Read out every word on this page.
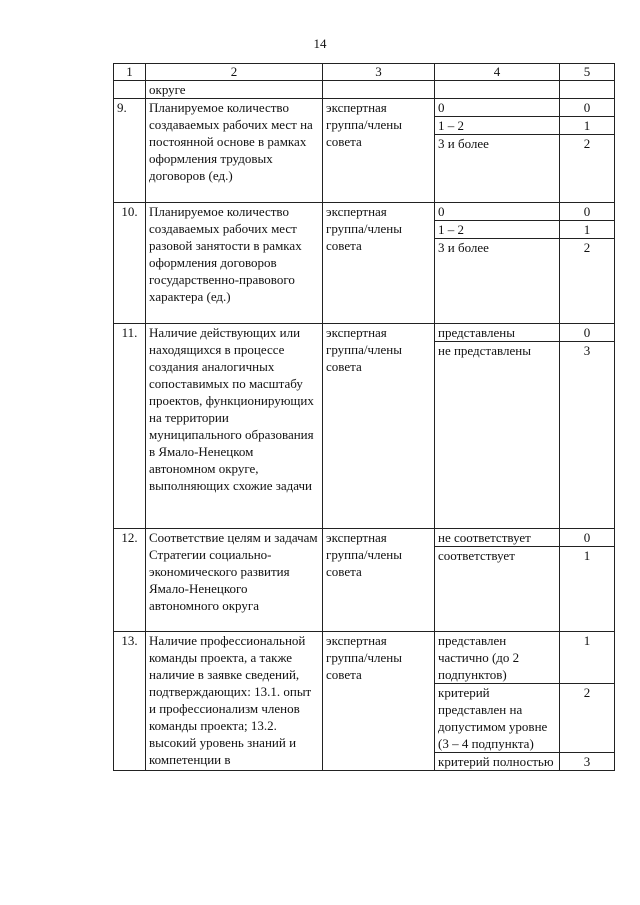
14
1	2	3	4	5
	округе			
9.	Планируемое количество создаваемых рабочих мест на постоянной основе в рамках оформления трудовых договоров (ед.)	экспертная группа/члены совета	0	0
			1 – 2	1
			3 и более	2
10.	Планируемое количество создаваемых рабочих мест разовой занятости в рамках оформления договоров государственно-правового характера (ед.)	экспертная группа/члены совета	0	0
			1 – 2	1
			3 и более	2
11.	Наличие действующих или находящихся в процессе создания аналогичных сопоставимых по масштабу проектов, функционирующих на территории муниципального образования в Ямало-Ненецком автономном округе, выполняющих схожие задачи	экспертная группа/члены совета	представлены	0
			не представлены	3
12.	Соответствие целям и задачам Стратегии социально-экономического развития Ямало-Ненецкого автономного округа	экспертная группа/члены совета	не соответствует	0
			соответствует	1
13.	Наличие профессиональной команды проекта, а также наличие в заявке сведений, подтверждающих: 13.1. опыт и профессионализм членов команды проекта; 13.2. высокий уровень знаний и компетенции в	экспертная группа/члены совета	представлен частично (до 2 подпунктов)	1
			критерий представлен на допустимом уровне (3 – 4 подпункта)	2
			критерий полностью	3
